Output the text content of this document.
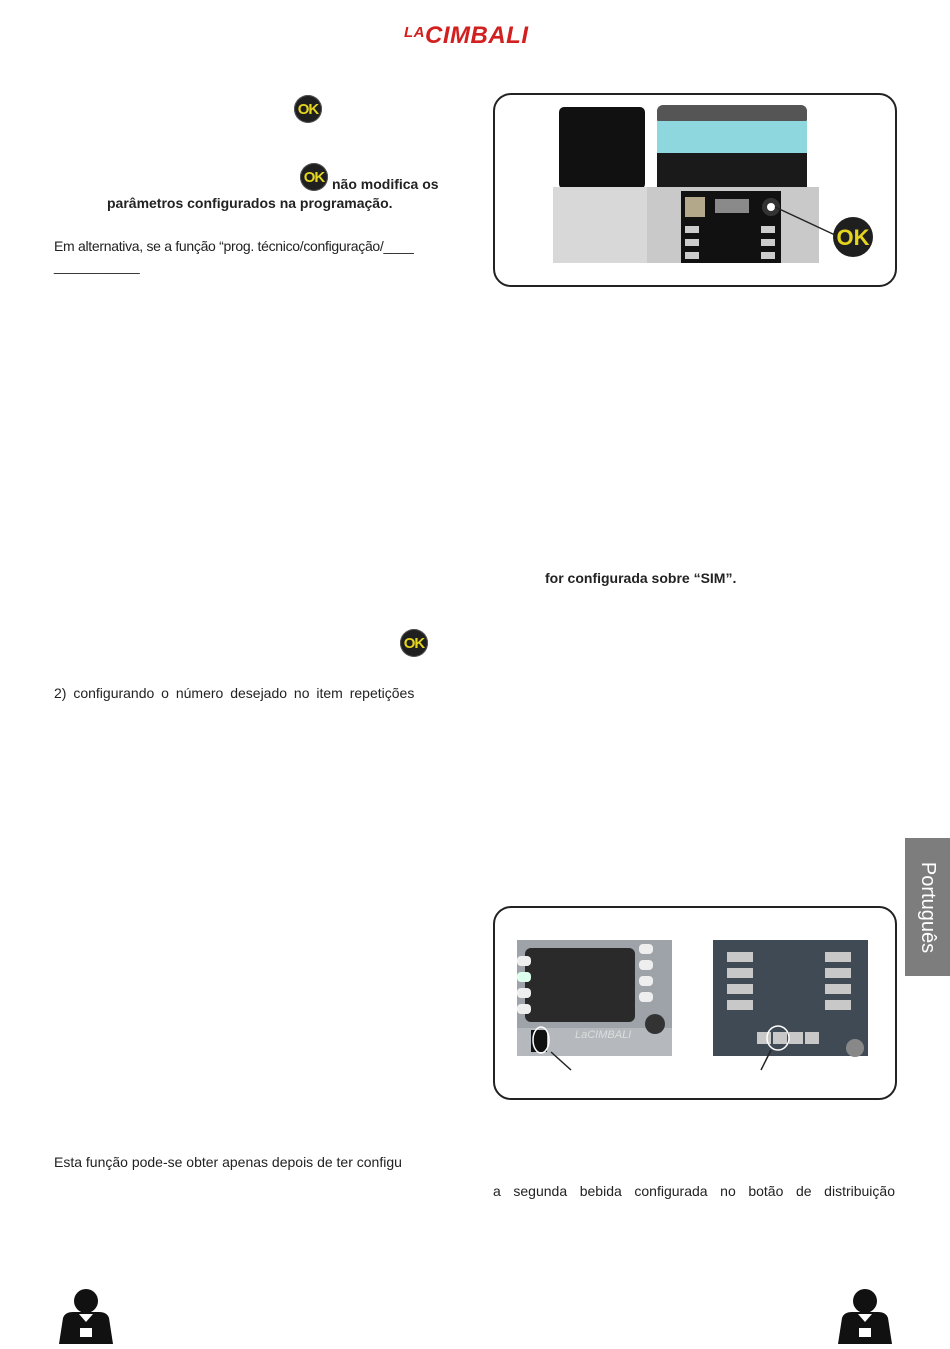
$^{LA}$CIMBALI
OK
OK não modifica os
parâmetros configurados na programação.
Em alternativa, se a função “prog. técnico/configuração/____
___________
OK
2) configurando o número desejado no item repetições
Esta função pode-se obter apenas depois de ter configu
OK
for configurada sobre “SIM”.
LaCIMBALI
a segunda bebida configurada no botão de distribuição
Português
